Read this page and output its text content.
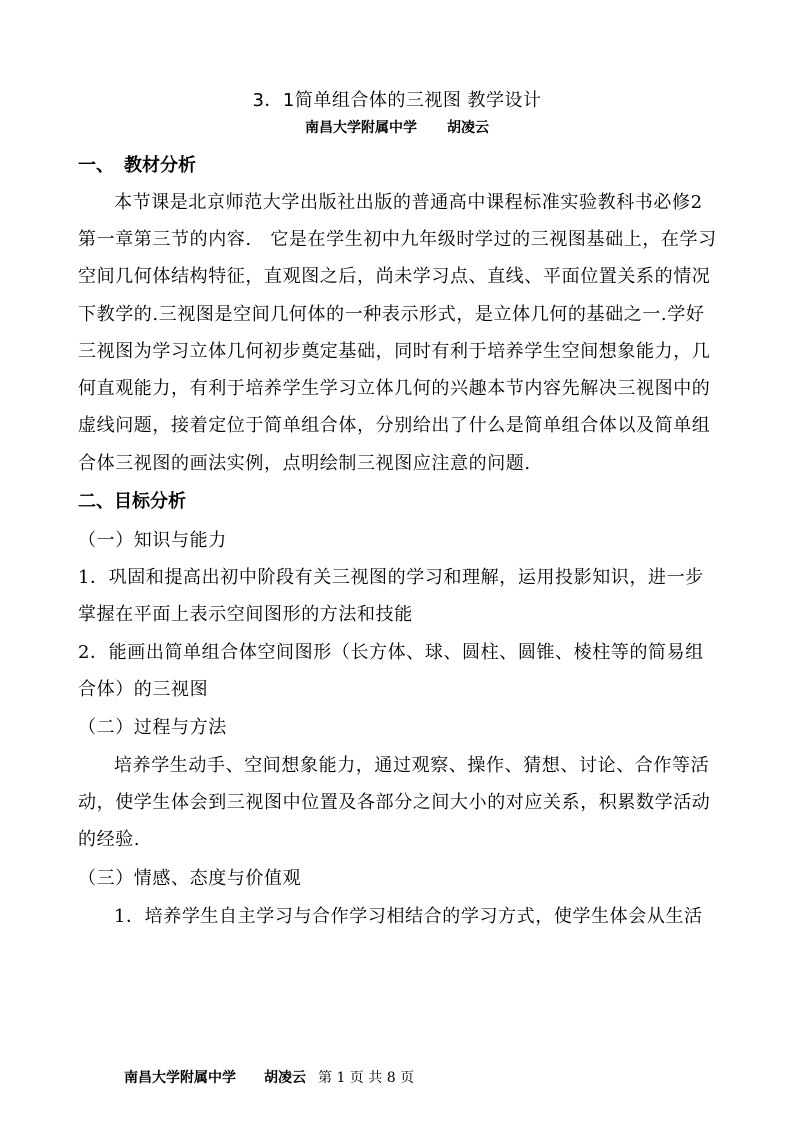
3．1简单组合体的三视图 教学设计

南昌大学附属中学 胡凌云

一、 教材分析

本节课是北京师范大学出版社出版的普通高中课程标准实验教科书必修2

第一章第三节的内容.　它是在学生初中九年级时学过的三视图基础上，在学习

空间几何体结构特征，直观图之后，尚未学习点、直线、平面位置关系的情况

下教学的.三视图是空间几何体的一种表示形式，是立体几何的基础之一.学好

三视图为学习立体几何初步奠定基础，同时有利于培养学生空间想象能力，几

何直观能力，有利于培养学生学习立体几何的兴趣本节内容先解决三视图中的

虚线问题，接着定位于简单组合体，分别给出了什么是简单组合体以及简单组

合体三视图的画法实例，点明绘制三视图应注意的问题.

二、目标分析

（一）知识与能力

1．巩固和提高出初中阶段有关三视图的学习和理解，运用投影知识，进一步

掌握在平面上表示空间图形的方法和技能

2．能画出简单组合体空间图形（长方体、球、圆柱、圆锥、棱柱等的简易组

合体）的三视图

（二）过程与方法

培养学生动手、空间想象能力，通过观察、操作、猜想、讨论、合作等活

动，使学生体会到三视图中位置及各部分之间大小的对应关系，积累数学活动

的经验.

（三）情感、态度与价值观

1．培养学生自主学习与合作学习相结合的学习方式，使学生体会从生活

南昌大学附属中学 胡凌云 第 1 页 共 8 页
